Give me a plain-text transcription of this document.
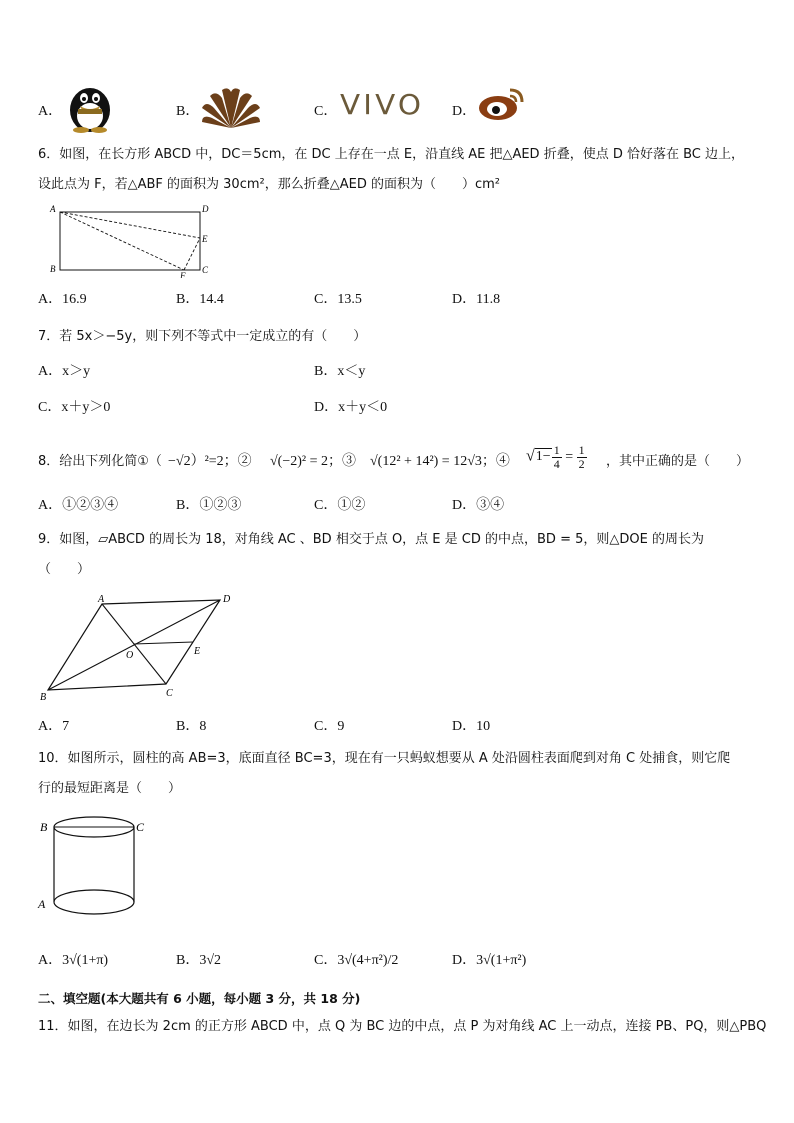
A．	B．	C． VIVO	D．
6．如图，在长方形 ABCD 中，DC＝5cm，在 DC 上存在一点 E，沿直线 AE 把△AED 折叠，使点 D 恰好落在 BC 边上，
设此点为 F，若△ABF 的面积为 30cm²，那么折叠△AED 的面积为（　　）cm²
A	D
E
B
F
C
A．16.9	B．14.4	C．13.5	D．11.8
7．若 5x＞−5y，则下列不等式中一定成立的有（　　）
A．x＞y	B．x＜y
C．x＋y＞0	D．x＋y＜0
8．给出下列化简①（ −√2）²=2；② √(−2)² = 2；③ √(12² + 14²) = 12√3；④ $√1- \frac{1}{4} = \frac{1}{2}$ ，其中正确的是（　　）
A．①②③④	B．①②③	C．①②	D．③④
9．如图，▱ABCD 的周长为 18，对角线 AC 、BD 相交于点 O，点 E 是 CD 的中点，BD = 5，则△DOE 的周长为
（　　）
A	D
O	E
B	C
A．7	B．8	C．9	D．10
10．如图所示，圆柱的高 AB=3，底面直径 BC=3，现在有一只蚂蚁想要从 A 处沿圆柱表面爬到对角 C 处捕食，则它爬
行的最短距离是（　　）
B	C
A
A．3√(1+π)	B．3√2	C．3√(4+π²)/2	D．3√(1+π²)
二、填空题(本大题共有 6 小题，每小题 3 分，共 18 分)
11．如图，在边长为 2cm 的正方形 ABCD 中，点 Q 为 BC 边的中点，点 P 为对角线 AC 上一动点，连接 PB、PQ，则△PBQ
